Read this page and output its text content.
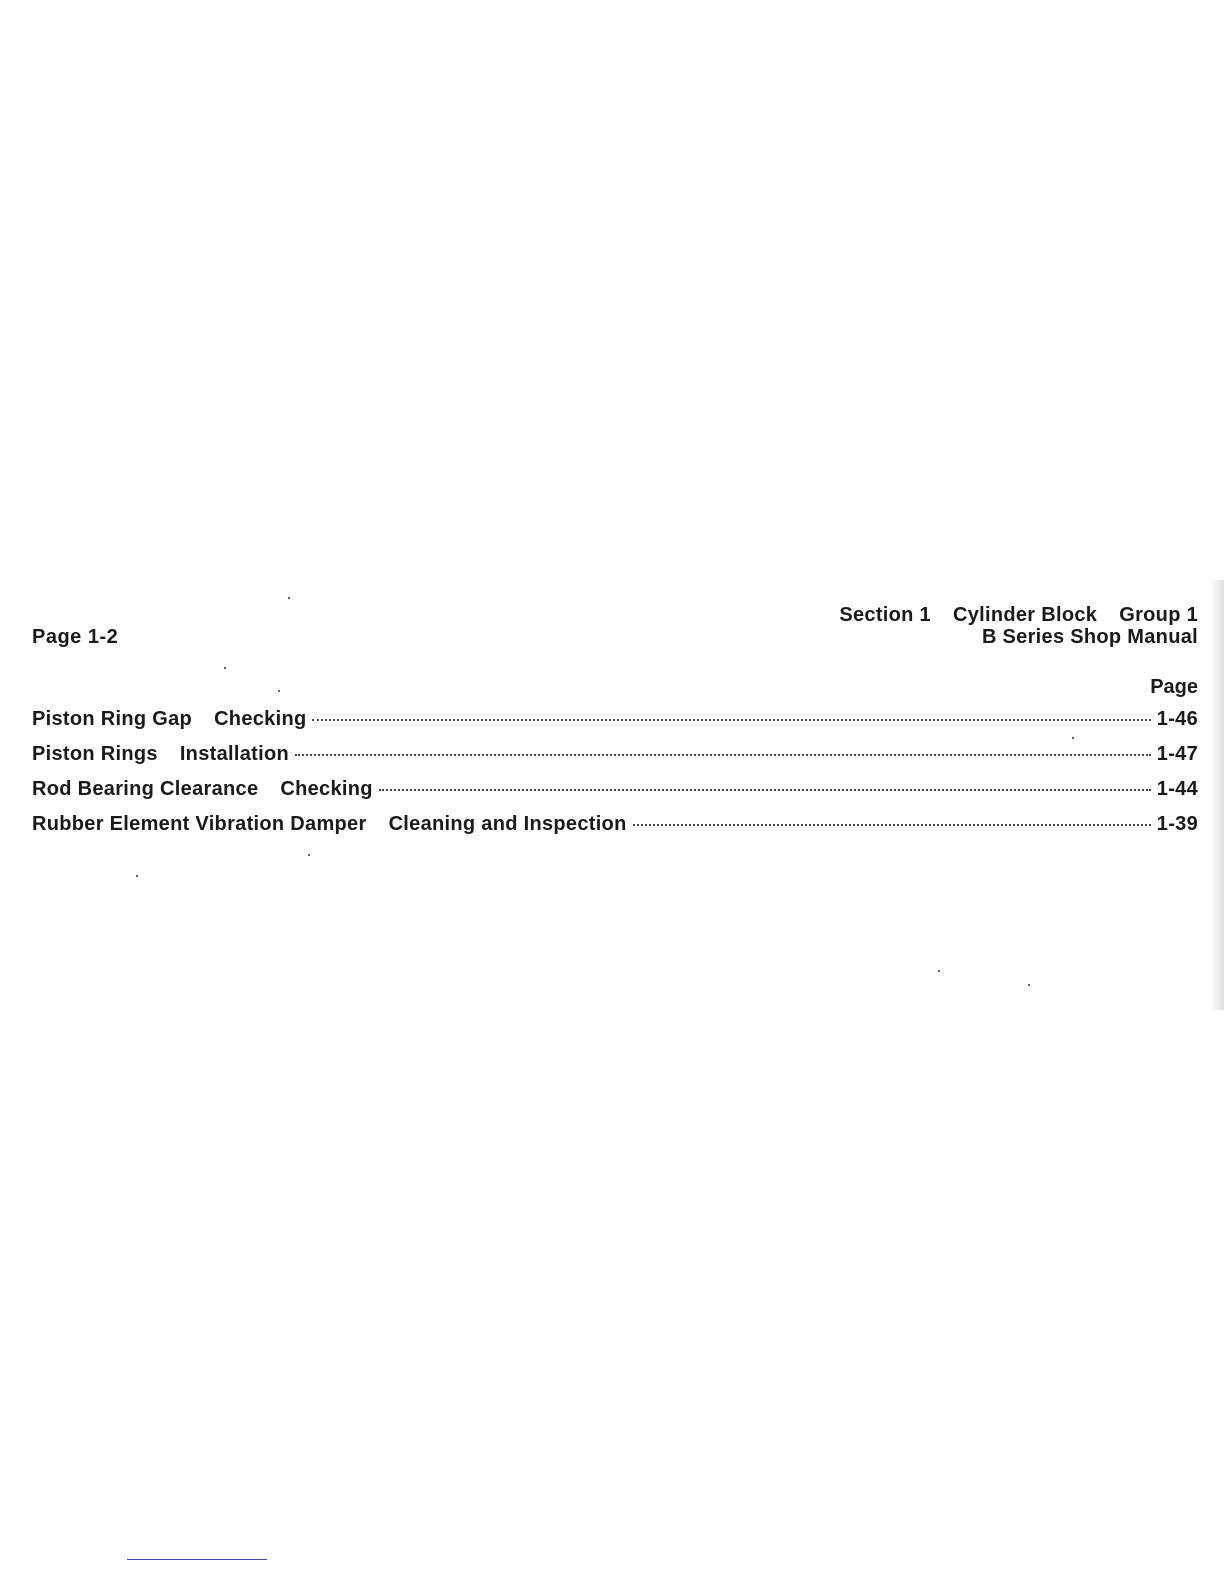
Page 1-2
Section 1 Cylinder Block Group 1
B Series Shop Manual
Page
Piston Ring Gap Checking	1-46
Piston Rings Installation	1-47
Rod Bearing Clearance Checking	1-44
Rubber Element Vibration Damper Cleaning and Inspection	1-39
